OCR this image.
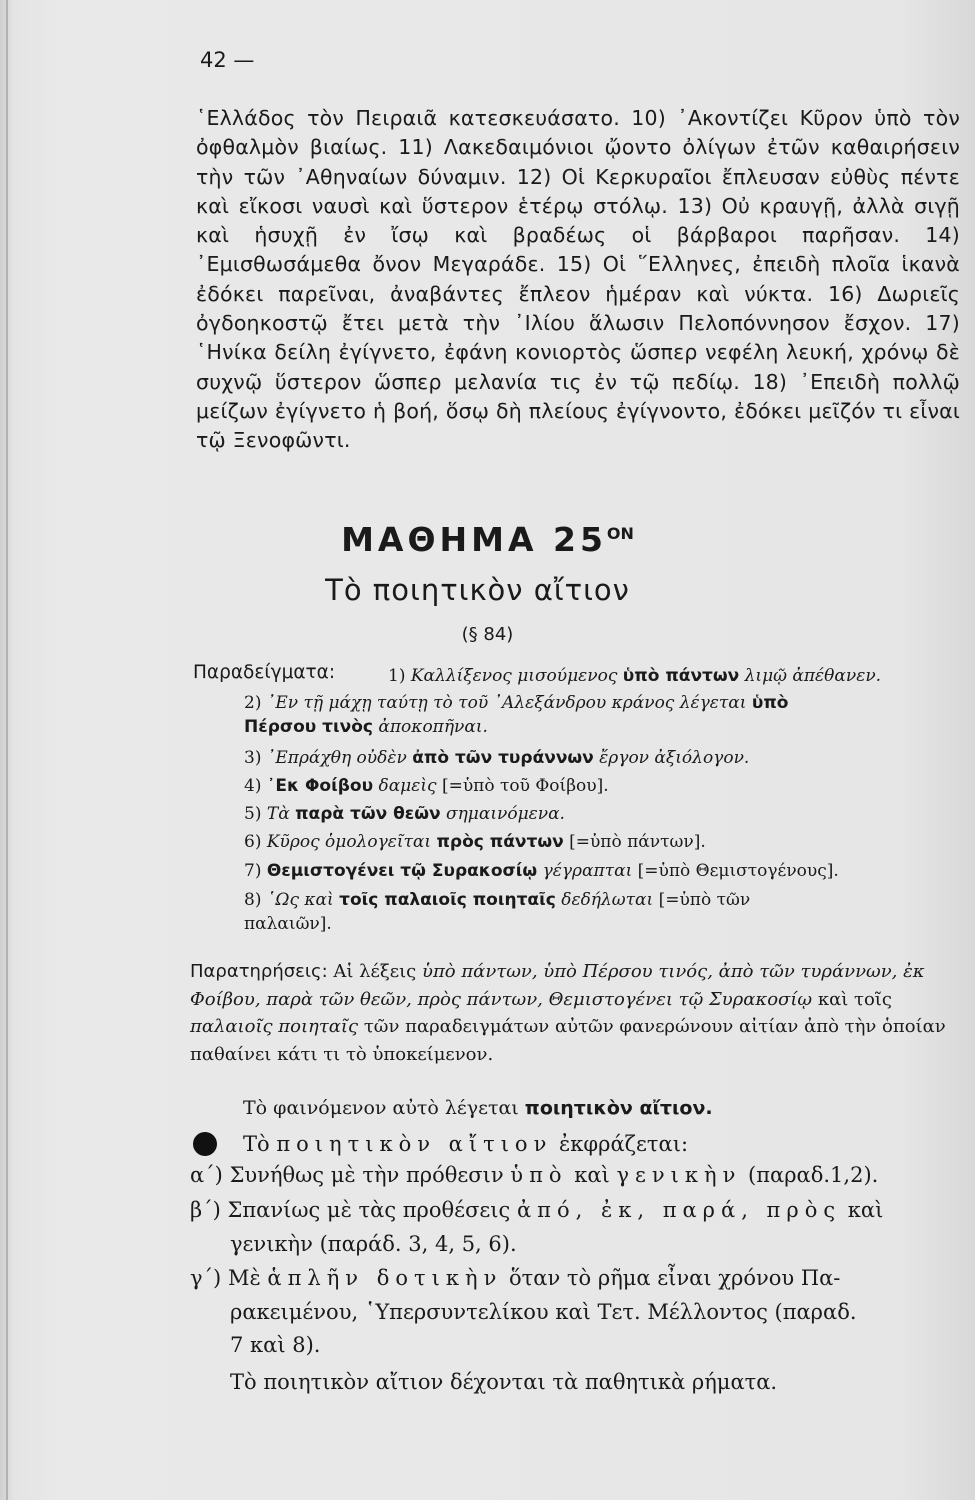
42 —
῾Ελλάδος τὸν Πειραιᾶ κατεσκευάσατο. 10) ᾿Ακοντίζει Κῦρον ὑπὸ τὸν ὀφθαλμὸν βιαίως. 11) Λακεδαιμόνιοι ᾤοντο ὀλίγων ἐτῶν καθαιρήσειν τὴν τῶν ᾿Αθηναίων δύναμιν. 12) Οἱ Κερκυραῖοι ἔπλευσαν εὐθὺς πέντε καὶ εἴκοσι ναυσὶ καὶ ὕστερον ἑτέρῳ στόλῳ. 13) Οὐ κραυγῇ, ἀλλὰ σιγῇ καὶ ἡσυχῇ ἐν ἴσῳ καὶ βραδέως οἱ βάρβαροι παρῆσαν. 14) ᾿Εμισθωσάμεθα ὄνον Μεγαράδε. 15) Οἱ ῞Ελληνες, ἐπειδὴ πλοῖα ἱκανὰ ἐδόκει παρεῖναι, ἀναβάντες ἔπλεον ἡμέραν καὶ νύκτα. 16) Δωριεῖς ὀγδοηκοστῷ ἔτει μετὰ τὴν ᾿Ιλίου ἅλωσιν Πελοπόννησον ἔσχον. 17) ῾Ηνίκα δείλη ἐγίγνετο, ἐφάνη κονιορτὸς ὥσπερ νεφέλη λευκή, χρόνῳ δὲ συχνῷ ὕστερον ὥσπερ μελανία τις ἐν τῷ πεδίῳ. 18) ᾿Επειδὴ πολλῷ μείζων ἐγίγνετο ἡ βοή, ὅσῳ δὴ πλείους ἐγίγνοντο, ἐδόκει μεῖζόν τι εἶναι τῷ Ξενοφῶντι.
ΜΑΘΗΜΑ $25^{ON}$
Τὸ ποιητικὸν αἴτιον
(§ 84)
Παραδείγματα:	1) Καλλίξενος μισούμενος ὑπὸ πάντων λιμῷ ἀπέθανεν.
2) ᾿Εν τῇ μάχῃ ταύτῃ τὸ τοῦ ᾿Αλεξάνδρου κράνος λέγεται ὑπὸ
Πέρσου τινὸς ἀποκοπῆναι.
3) ᾿Επράχθη οὐδὲν ἀπὸ τῶν τυράννων ἔργον ἀξιόλογον.
4) ᾿Εκ Φοίβου δαμεὶς [=ὑπὸ τοῦ Φοίβου].
5) Τὰ παρὰ τῶν θεῶν σημαινόμενα.
6) Κῦρος ὁμολογεῖται πρὸς πάντων [=ὑπὸ πάντων].
7) Θεμιστογένει τῷ Συρακοσίῳ γέγραπται [=ὑπὸ Θεμιστογένους].
8) ῾Ως καὶ τοῖς παλαιοῖς ποιηταῖς δεδήλωται [=ὑπὸ τῶν
παλαιῶν].
Παρατηρήσεις: Αἱ λέξεις ὑπὸ πάντων, ὑπὸ Πέρσου τινός, ἀπὸ τῶν τυράννων, ἐκ Φοίβου, παρὰ τῶν θεῶν, πρὸς πάντων, Θεμιστογένει τῷ Συρακοσίῳ καὶ τοῖς παλαιοῖς ποιηταῖς τῶν παραδειγμάτων αὐτῶν φανερώνουν αἰτίαν ἀπὸ τὴν ὁποίαν παθαίνει κάτι τι τὸ ὑποκείμενον.
Τὸ φαινόμενον αὐτὸ λέγεται ποιητικὸν αἴτιον.
Τὸ ποιητικὸν αἴτιον ἐκφράζεται:
α΄) Συνήθως μὲ τὴν πρόθεσιν ὑπὸ καὶ γενικὴν (παραδ.1,2).
β΄) Σπανίως μὲ τὰς προθέσεις ἀπό, ἐκ, παρά, πρὸς καὶ
γενικὴν (παράδ. 3, 4, 5, 6).
γ΄) Μὲ ἁπλῆν δοτικὴν ὅταν τὸ ρῆμα εἶναι χρόνου Πα-
ρακειμένου, ῾Υπερσυντελίκου καὶ Τετ. Μέλλοντος (παραδ.
7 καὶ 8).
Τὸ ποιητικὸν αἴτιον δέχονται τὰ παθητικὰ ρήματα.
